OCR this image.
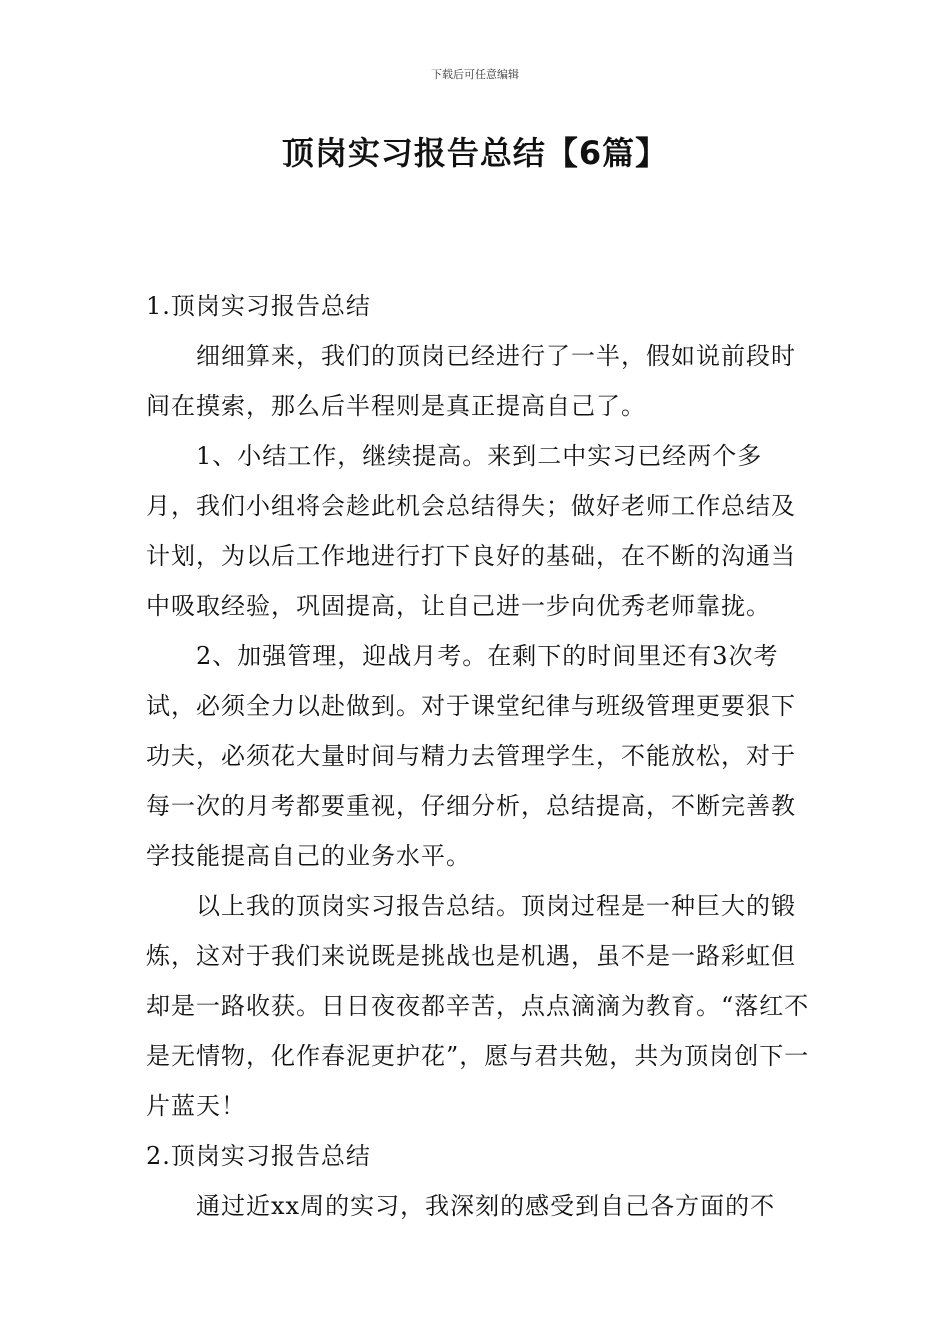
下载后可任意编辑
顶岗实习报告总结【6篇】

1.顶岗实习报告总结

细细算来，我们的顶岗已经进行了一半，假如说前段时间在摸索，那么后半程则是真正提高自己了。

1、小结工作，继续提高。来到二中实习已经两个多月，我们小组将会趁此机会总结得失；做好老师工作总结及计划，为以后工作地进行打下良好的基础，在不断的沟通当中吸取经验，巩固提高，让自己进一步向优秀老师靠拢。

2、加强管理，迎战月考。在剩下的时间里还有3次考试，必须全力以赴做到。对于课堂纪律与班级管理更要狠下功夫，必须花大量时间与精力去管理学生，不能放松，对于每一次的月考都要重视，仔细分析，总结提高，不断完善教学技能提高自己的业务水平。

以上我的顶岗实习报告总结。顶岗过程是一种巨大的锻炼，这对于我们来说既是挑战也是机遇，虽不是一路彩虹但却是一路收获。日日夜夜都辛苦，点点滴滴为教育。“落红不是无情物，化作春泥更护花”，愿与君共勉，共为顶岗创下一片蓝天！

2.顶岗实习报告总结

通过近xx周的实习，我深刻的感受到自己各方面的不
